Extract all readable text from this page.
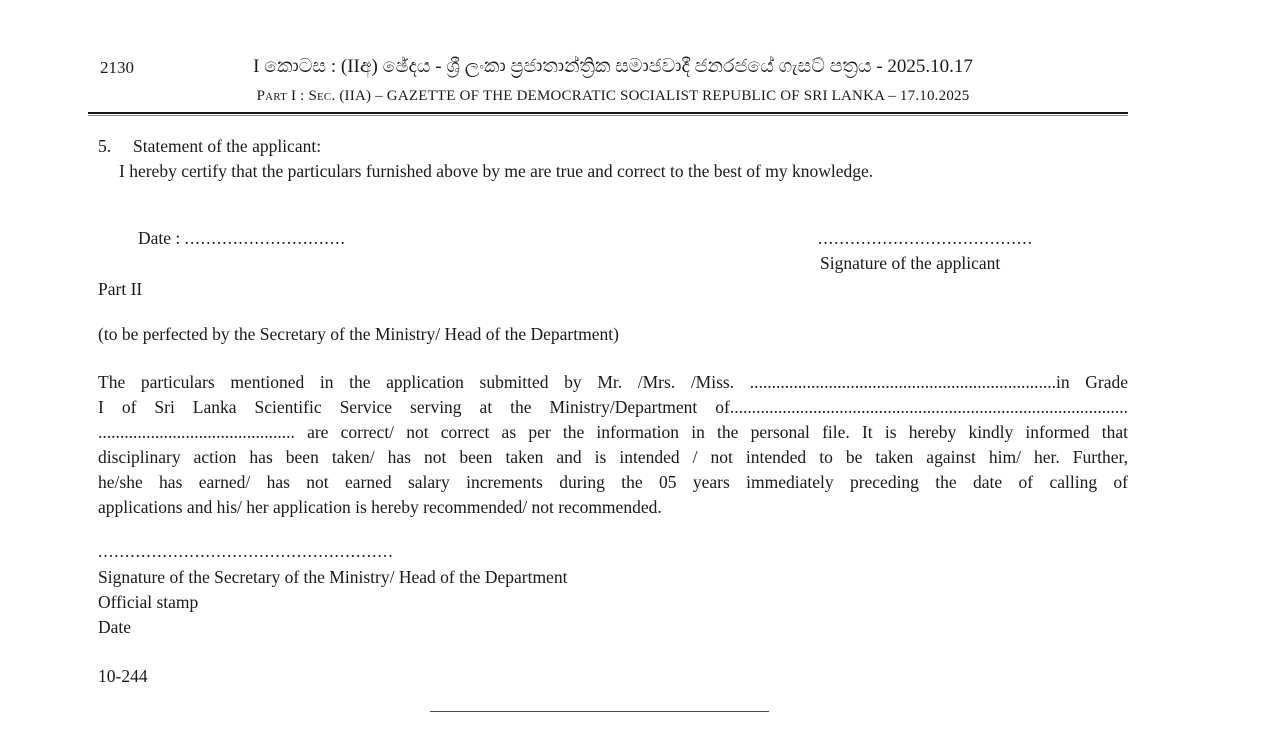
2130	I කොටස : (IIඅ) ඡේදය - ශ්‍රී ලංකා ප්‍රජාතාන්ත්‍රික සමාජවාදී ජනරජයේ ගැසට් පත්‍රය - 2025.10.17
Part I : Sec. (IIA) – GAZETTE OF THE DEMOCRATIC SOCIALIST REPUBLIC OF SRI LANKA – 17.10.2025
5. Statement of the applicant:
I hereby certify that the particulars furnished above by me are true and correct to the best of my knowledge.
Date : ..............................	........................................
Signature of the applicant
Part II
(to be perfected by the Secretary of the Ministry/ Head of the Department)
The particulars mentioned in the application submitted by Mr. /Mrs. /Miss. ......................................................................in Grade
I of Sri Lanka Scientific Service serving at the Ministry/Department of...........................................................................................
............................................. are correct/ not correct as per the information in the personal file. It is hereby kindly informed that
disciplinary action has been taken/ has not been taken and is intended / not intended to be taken against him/ her. Further,
he/she has earned/ has not earned salary increments during the 05 years immediately preceding the date of calling of
applications and his/ her application is hereby recommended/ not recommended.
.......................................................
Signature of the Secretary of the Ministry/ Head of the Department
Official stamp
Date
10-244
